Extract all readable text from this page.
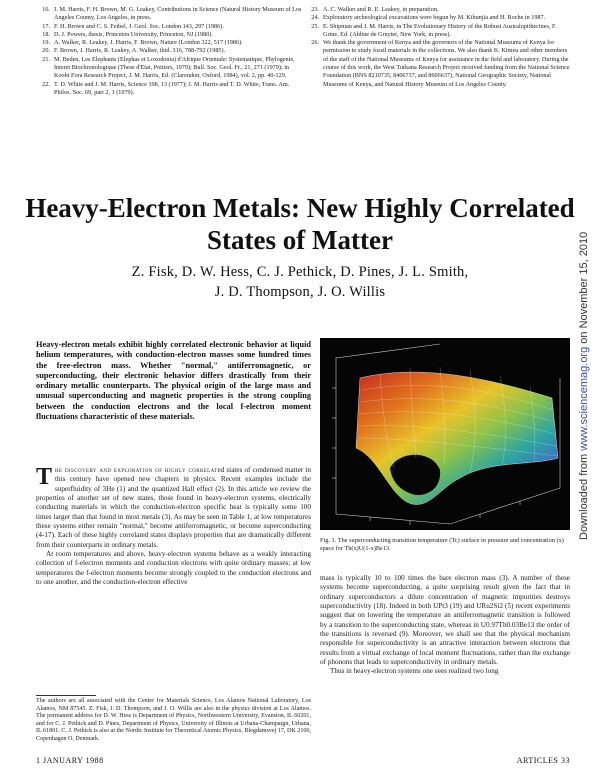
16. J. M. Harris, F. H. Brown, M. G. Leakey, Contributions in Science (Natural History Museum of Los Angeles County, Los Angeles, in press.
17. F. H. Brown and C. S. Feibel, J. Geol. Soc. London 143, 297 (1986).
18. D. J. Powers, thesis, Princeton University, Princeton, NJ (1980).
19. A. Walker, R. Leakey, J. Harris, F. Brown, Nature (London 322, 517 (1986).
20. F. Brown, J. Harris, R. Leakey, A. Walker, ibid. 316, 788-792 (1985).
21. M. Beden, Les Elephants (Elephas et Loxodonta) d'Afrique Orientale: Systematique, Phylogenie, Interet Biochronologique (These d'Etat, Poitiers, 1979); Bull. Soc. Geol. Fr., 21, 271 (1979); in Koobi Fora Research Project, J. M. Harris, Ed. (Clarendon, Oxford, 1984), vol. 2, pp. 40-129.
22. T. D. White and J. M. Harris, Science 198, 13 (1977); J. M. Harris and T. D. White, Trans. Am. Philos. Soc. 69, part 2, 1 (1979).
23. A. C. Walker and R. E. Leakey, in preparation.
24. Exploratory archeological excavations were begun by M. Kibunjia and H. Roche in 1987.
25. E. Shipman and J. M. Harris, in The Evolutionary History of the Robust Australopithecines, F. Grine, Ed. (Aldine de Gruyter, New York, in press).
26. We thank the government of Kenya and the governors of the National Museums of Kenya for permission to study fossil materials in the collections. We also thank K. Kimeu and other members of the staff of the National Museums of Kenya for assistance in the field and laboratory. During the course of this work, the West Turkana Research Project received funding from the National Science Foundation (BNS 8210735, 8406737, and 8606637), National Geographic Society, National Museums of Kenya, and Natural History Museum of Los Angeles County.
Heavy-Electron Metals: New Highly Correlated
States of Matter
Z. Fisk, D. W. Hess, C. J. Pethick, D. Pines, J. L. Smith,
J. D. Thompson, J. O. Willis
Heavy-electron metals exhibit highly correlated electronic behavior at liquid helium temperatures, with conduction-electron masses some hundred times the free-electron mass. Whether "normal," antiferromagnetic, or superconducting, their electronic behavior differs drastically from their ordinary metallic counterparts. The physical origin of the large mass and unusual superconducting and magnetic properties is the strong coupling between the conduction electrons and the local f-electron moment fluctuations characteristic of these materials.
Fig. 1. The superconducting transition temperature (Tc) surface in pressure and concentration (x) space for Th(x)U(1-x)Be13.
Downloaded from www.sciencemag.org on November 15, 2010

The discovery and exploration of highly correlated states of condensed matter in this century have opened new chapters in physics. Recent examples include the superfluidity of 3He (1) and the quantized Hall effect (2). In this article we review the properties of another set of new states, those found in heavy-electron systems, electrically conducting materials in which the conduction-electron specific heat is typically some 100 times larger than that found in most metals (3). As may be seen in Table 1, at low temperatures these systems either remain "normal," become antiferromagnetic, or become superconducting (4-17). Each of these highly correlated states displays properties that are dramatically different from their counterparts in ordinary metals.

At room temperatures and above, heavy-electron systems behave as a weakly interacting collection of f-electron moments and conduction electrons with quite ordinary masses; at low temperatures the f-electron moments become strongly coupled to the conduction electrons and to one another, and the conduction-electron effective

The authors are all associated with the Center for Materials Science, Los Alamos National Laboratory, Los Alamos, NM 87545. Z. Fisk, J. D. Thompson, and J. O. Willis are also in the physics division at Los Alamos. The permanent address for D. W. Hess is Department of Physics, Northwestern University, Evanston, IL 60201, and for C. J. Pethick and D. Pines, Department of Physics, University of Illinois at Urbana-Champaign, Urbana, IL 61801. C. J. Pethick is also at the Nordic Institute for Theoretical Atomic Physics, Blegdamsvej 17, DK 2100, Copenhagen O, Denmark.

mass is typically 10 to 100 times the bare electron mass (3). A number of these systems become superconducting, a quite surprising result given the fact that in ordinary superconductors a dilute concentration of magnetic impurities destroys superconductivity (18). Indeed in both UPt3 (19) and URu2Si2 (5) recent experiments suggest that on lowering the temperature an antiferromagnetic transition is followed by a transition to the superconducting state, whereas in U0.97Th0.03Be13 the order of the transitions is reversed (9). Moreover, we shall see that the physical mechanism responsible for superconductivity is an attractive interaction between electrons that results from a virtual exchange of local moment fluctuations, rather than the exchange of phonons that leads to superconductivity in ordinary metals.

Thus in heavy-electron systems one sees realized two long

1 JANUARY 1988	ARTICLES 33
